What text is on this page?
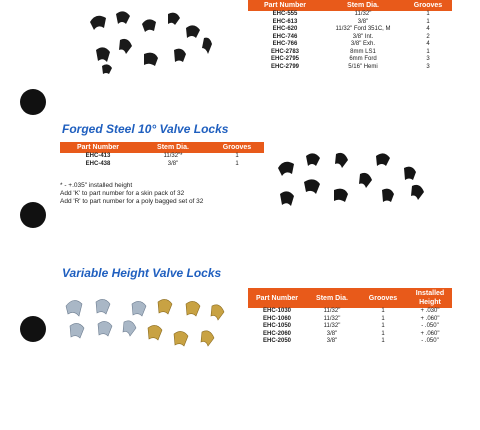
Part Number	Stem Dia.	Grooves
EHC-555	11/32"	1
EHC-613	3/8"	1
EHC-620	11/32" Ford 351C, M	4
EHC-746	3/8" Int.	2
EHC-766	3/8" Exh.	4
EHC-2783	8mm LS1	1
EHC-2795	6mm Ford	3
EHC-2799	5/16" Hemi	3
Forged Steel 10° Valve Locks
Part Number	Stem Dia.	Grooves
EHC-413	11/32"*	1
EHC-438	3/8"	1
* - +.035" installed height
Add 'K' to part number for a skin pack of 32
Add 'R' to part number for a poly bagged set of 32
Variable Height Valve Locks
Part Number	Stem Dia.	Grooves	Installed Height
EHC-1030	11/32"	1	+ .030"
EHC-1060	11/32"	1	+ .060"
EHC-1050	11/32"	1	- .050"
EHC-2060	3/8"	1	+ .060"
EHC-2050	3/8"	1	- .050"
